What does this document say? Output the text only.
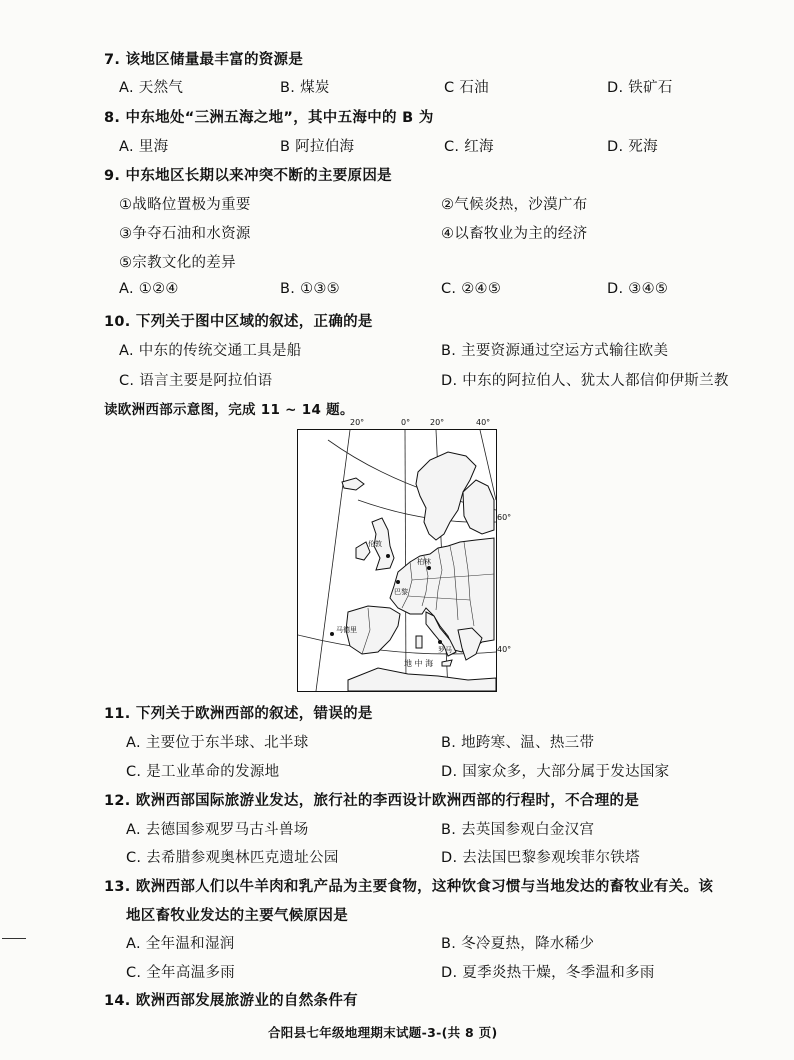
7. 该地区储量最丰富的资源是
A. 天然气	B. 煤炭	C 石油	D. 铁矿石
8. 中东地处“三洲五海之地”，其中五海中的 B 为
A. 里海	B 阿拉伯海	C. 红海	D. 死海
9. 中东地区长期以来冲突不断的主要原因是
①战略位置极为重要	②气候炎热，沙漠广布
③争夺石油和水资源	④以畜牧业为主的经济
⑤宗教文化的差异
A. ①②④	B. ①③⑤	C. ②④⑤	D. ③④⑤
10. 下列关于图中区域的叙述，正确的是
A. 中东的传统交通工具是船	B. 主要资源通过空运方式输往欧美
C. 语言主要是阿拉伯语	D. 中东的阿拉伯人、犹太人都信仰伊斯兰教
读欧洲西部示意图，完成 11 ~ 14 题。
20°	0° 20°	40°
60°
40°
伦敦
柏林
巴黎
马德里
罗马
地 中 海
11. 下列关于欧洲西部的叙述，错误的是
A. 主要位于东半球、北半球	B. 地跨寒、温、热三带
C. 是工业革命的发源地	D. 国家众多，大部分属于发达国家
12. 欧洲西部国际旅游业发达，旅行社的李西设计欧洲西部的行程时，不合理的是
A. 去德国参观罗马古斗兽场	B. 去英国参观白金汉宫
C. 去希腊参观奥林匹克遗址公园	D. 去法国巴黎参观埃菲尔铁塔
13. 欧洲西部人们以牛羊肉和乳产品为主要食物，这种饮食习惯与当地发达的畜牧业有关。该
地区畜牧业发达的主要气候原因是
A. 全年温和湿润	B. 冬冷夏热，降水稀少
C. 全年高温多雨	D. 夏季炎热干燥，冬季温和多雨
14. 欧洲西部发展旅游业的自然条件有
合阳县七年级地理期末试题-3-(共 8 页)
